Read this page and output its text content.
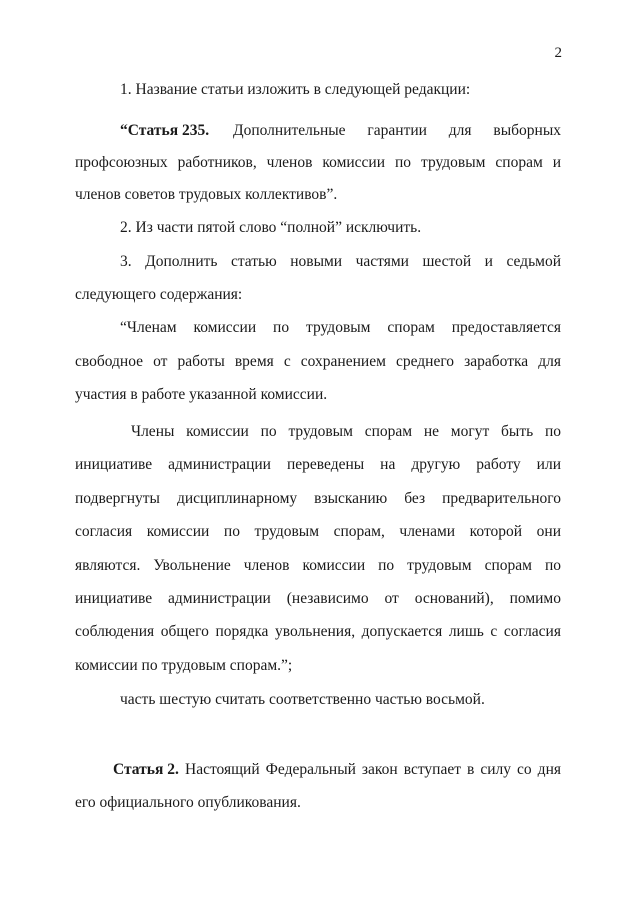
2
1. Название статьи изложить в следующей редакции:
“Статья 235. Дополнительные гарантии для выборных
профсоюзных работников, членов комиссии по трудовым спорам и
членов советов трудовых коллективов”.
2. Из части пятой слово “полной” исключить.
3. Дополнить статью новыми частями шестой и седьмой
следующего содержания:
“Членам комиссии по трудовым спорам предоставляется
свободное от работы время с сохранением среднего заработка для
участия в работе указанной комиссии.
Члены комиссии по трудовым спорам не могут быть по
инициативе администрации переведены на другую работу или
подвергнуты дисциплинарному взысканию без предварительного
согласия комиссии по трудовым спорам, членами которой они
являются. Увольнение членов комиссии по трудовым спорам по
инициативе администрации (независимо от оснований), помимо
соблюдения общего порядка увольнения, допускается лишь с согласия
комиссии по трудовым спорам.”;
часть шестую считать соответственно частью восьмой.
Статья 2. Настоящий Федеральный закон вступает в силу со дня
его официального опубликования.
